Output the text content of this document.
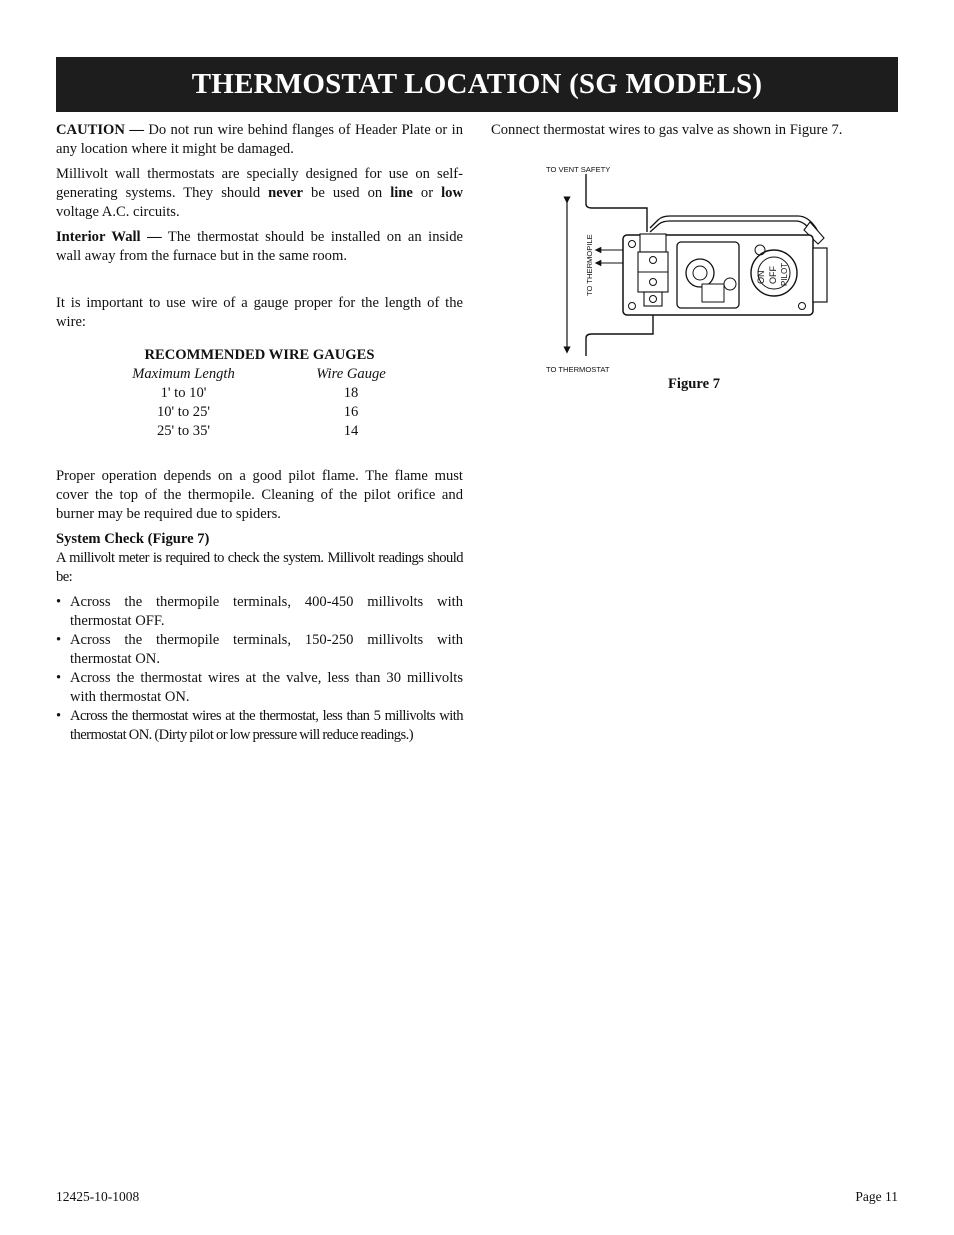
THERMOSTAT LOCATION (SG MODELS)

CAUTION — Do not run wire behind flanges of Header Plate or in any location where it might be damaged.

Millivolt wall thermostats are specially designed for use on self-generating systems. They should never be used on line or low voltage A.C. circuits.

Interior Wall — The thermostat should be installed on an inside wall away from the furnace but in the same room.

It is important to use wire of a gauge proper for the length of the wire:

RECOMMENDED WIRE GAUGES
Maximum Length	Wire Gauge
1' to 10'	18
10' to 25'	16
25' to 35'	14

Proper operation depends on a good pilot flame. The flame must cover the top of the thermopile. Cleaning of the pilot orifice and burner may be required due to spiders.

System Check (Figure 7)

A millivolt meter is required to check the system. Millivolt readings should be:

• Across the thermopile terminals, 400-450 millivolts with thermostat OFF.
• Across the thermopile terminals, 150-250 millivolts with thermostat ON.
• Across the thermostat wires at the valve, less than 30 millivolts with thermostat ON.
• Across the thermostat wires at the thermostat, less than 5 millivolts with thermostat ON. (Dirty pilot or low pressure will reduce readings.)

Connect thermostat wires to gas valve as shown in Figure 7.

TO VENT SAFETY
TO THERMOSTAT
TO THERMOPILE	ON OFF PILOT
Figure 7
12425-10-1008	Page 11
